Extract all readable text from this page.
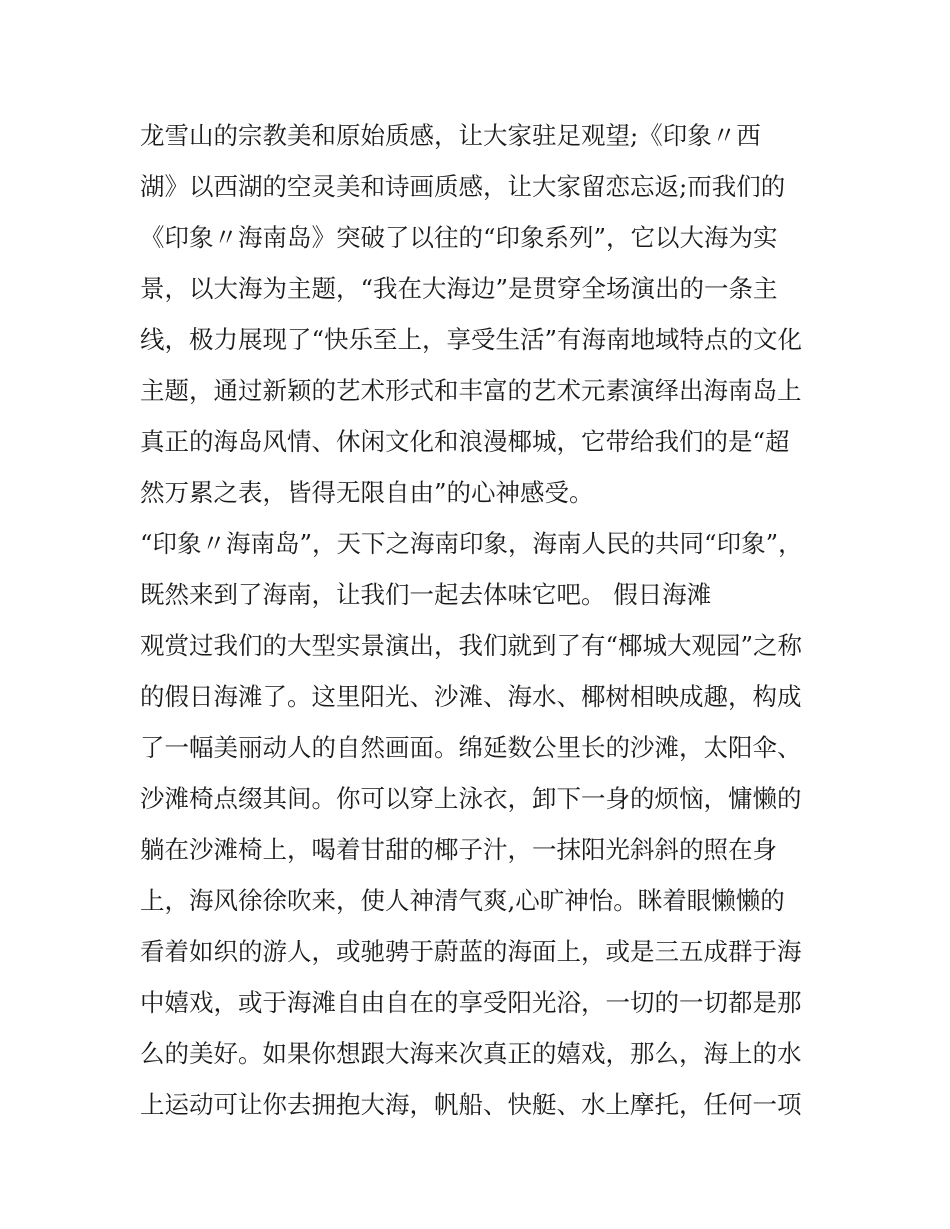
龙雪山的宗教美和原始质感，让大家驻足观望;《印象〃西
湖》以西湖的空灵美和诗画质感，让大家留恋忘返;而我们的
《印象〃海南岛》突破了以往的“印象系列”，它以大海为实
景，以大海为主题，“我在大海边”是贯穿全场演出的一条主
线，极力展现了“快乐至上，享受生活”有海南地域特点的文化
主题，通过新颖的艺术形式和丰富的艺术元素演绎出海南岛上
真正的海岛风情、休闲文化和浪漫椰城，它带给我们的是“超
然万累之表，皆得无限自由”的心神感受。
“印象〃海南岛”，天下之海南印象，海南人民的共同“印象”，
既然来到了海南，让我们一起去体味它吧。 假日海滩
观赏过我们的大型实景演出，我们就到了有“椰城大观园”之称
的假日海滩了。这里阳光、沙滩、海水、椰树相映成趣，构成
了一幅美丽动人的自然画面。绵延数公里长的沙滩，太阳伞、
沙滩椅点缀其间。你可以穿上泳衣，卸下一身的烦恼，慵懒的
躺在沙滩椅上，喝着甘甜的椰子汁，一抹阳光斜斜的照在身
上，海风徐徐吹来，使人神清气爽,心旷神怡。眯着眼懒懒的
看着如织的游人，或驰骋于蔚蓝的海面上，或是三五成群于海
中嬉戏，或于海滩自由自在的享受阳光浴，一切的一切都是那
么的美好。如果你想跟大海来次真正的嬉戏，那么，海上的水
上运动可让你去拥抱大海，帆船、快艇、水上摩托，任何一项
